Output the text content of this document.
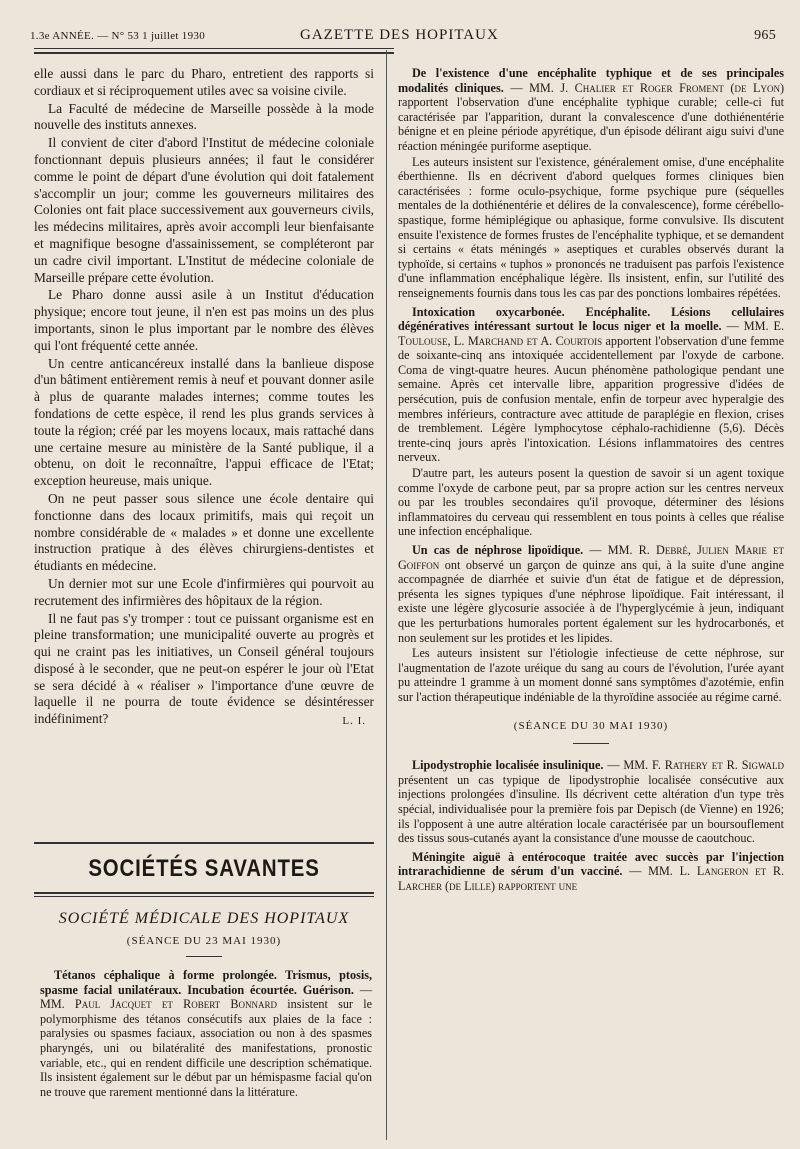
1.3e ANNÉE. — N° 53 1 juillet 1930	GAZETTE DES HOPITAUX	965

elle aussi dans le parc du Pharo, entretient des rapports si cordiaux et si réciproquement utiles avec sa voisine civile.

La Faculté de médecine de Marseille possède à la mode nouvelle des instituts annexes.

Il convient de citer d'abord l'Institut de médecine coloniale fonctionnant depuis plusieurs années; il faut le considérer comme le point de départ d'une évolution qui doit fatalement s'accomplir un jour; comme les gouverneurs militaires des Colonies ont fait place successivement aux gouverneurs civils, les médecins militaires, après avoir accompli leur bienfaisante et magnifique besogne d'assainissement, se compléteront par un cadre civil important. L'Institut de médecine coloniale de Marseille prépare cette évolution.

Le Pharo donne aussi asile à un Institut d'éducation physique; encore tout jeune, il n'en est pas moins un des plus importants, sinon le plus important par le nombre des élèves qui l'ont fréquenté cette année.

Un centre anticancéreux installé dans la banlieue dispose d'un bâtiment entièrement remis à neuf et pouvant donner asile à plus de quarante malades internes; comme toutes les fondations de cette espèce, il rend les plus grands services à toute la région; créé par les moyens locaux, mais rattaché dans une certaine mesure au ministère de la Santé publique, il a obtenu, on doit le reconnaître, l'appui efficace de l'Etat; exception heureuse, mais unique.

On ne peut passer sous silence une école dentaire qui fonctionne dans des locaux primitifs, mais qui reçoit un nombre considérable de « malades » et donne une excellente instruction pratique à des élèves chirurgiens-dentistes et étudiants en médecine.

Un dernier mot sur une Ecole d'infirmières qui pourvoit au recrutement des infirmières des hôpitaux de la région.

Il ne faut pas s'y tromper : tout ce puissant organisme est en pleine transformation; une municipalité ouverte au progrès et qui ne craint pas les initiatives, un Conseil général toujours disposé à le seconder, que ne peut-on espérer le jour où l'Etat se sera décidé à « réaliser » l'importance d'une œuvre de laquelle il ne pourra de toute évidence se désintéresser indéfiniment?	L. I.
SOCIÉTÉS SAVANTES
SOCIÉTÉ MÉDICALE DES HOPITAUX
(SÉANCE DU 23 MAI 1930)

Tétanos céphalique à forme prolongée. Trismus, ptosis, spasme facial unilatéraux. Incubation écourtée. Guérison. — MM. Paul Jacquet et Robert Bonnard insistent sur le polymorphisme des tétanos consécutifs aux plaies de la face : paralysies ou spasmes faciaux, association ou non à des spasmes pharyngés, uni ou bilatéralité des manifestations, pronostic variable, etc., qui en rendent difficile une description schématique. Ils insistent également sur le début par un hémispasme facial qu'on ne trouve que rarement mentionné dans la littérature.

De l'existence d'une encéphalite typhique et de ses principales modalités cliniques. — MM. J. Chalier et Roger Froment (de Lyon) rapportent l'observation d'une encéphalite typhique curable; celle-ci fut caractérisée par l'apparition, durant la convalescence d'une dothiénentérie bénigne et en pleine période apyrétique, d'un épisode délirant aigu suivi d'une réaction méningée puriforme aseptique.

Les auteurs insistent sur l'existence, généralement omise, d'une encéphalite éberthienne. Ils en décrivent d'abord quelques formes cliniques bien caractérisées : forme oculo-psychique, forme psychique pure (séquelles mentales de la dothiénentérie et délires de la convalescence), forme cérébello-spastique, forme hémiplégique ou aphasique, forme convulsive. Ils discutent ensuite l'existence de formes frustes de l'encéphalite typhique, et se demandent si certains « états méningés » aseptiques et curables observés durant la typhoïde, si certains « tuphos » prononcés ne traduisent pas parfois l'existence d'une inflammation encéphalique légère. Ils insistent, enfin, sur l'utilité des renseignements fournis dans tous les cas par des ponctions lombaires répétées.

Intoxication oxycarbonée. Encéphalite. Lésions cellulaires dégénératives intéressant surtout le locus niger et la moelle. — MM. E. Toulouse, L. Marchand et A. Courtois apportent l'observation d'une femme de soixante-cinq ans intoxiquée accidentellement par l'oxyde de carbone. Coma de vingt-quatre heures. Aucun phénomène pathologique pendant une semaine. Après cet intervalle libre, apparition progressive d'idées de persécution, puis de confusion mentale, enfin de torpeur avec hyperalgie des membres inférieurs, contracture avec attitude de paraplégie en flexion, crises de tremblement. Légère lymphocytose céphalo-rachidienne (5,6). Décès trente-cinq jours après l'intoxication. Lésions inflammatoires des centres nerveux.

D'autre part, les auteurs posent la question de savoir si un agent toxique comme l'oxyde de carbone peut, par sa propre action sur les centres nerveux ou par les troubles secondaires qu'il provoque, déterminer des lésions inflammatoires du cerveau qui ressemblent en tous points à celles que réalise une infection encéphalique.

Un cas de néphrose lipoïdique. — MM. R. Debré, Julien Marie et Goiffon ont observé un garçon de quinze ans qui, à la suite d'une angine accompagnée de diarrhée et suivie d'un état de fatigue et de dépression, présenta les signes typiques d'une néphrose lipoïdique. Fait intéressant, il existe une légère glycosurie associée à de l'hyperglycémie à jeun, indiquant que les perturbations humorales portent également sur les hydrocarbonés, et non seulement sur les protides et les lipides.

Les auteurs insistent sur l'étiologie infectieuse de cette néphrose, sur l'augmentation de l'azote uréique du sang au cours de l'évolution, l'urée ayant pu atteindre 1 gramme à un moment donné sans symptômes d'azotémie, enfin sur l'action thérapeutique indéniable de la thyroïdine associée au régime carné.

(SÉANCE DU 30 MAI 1930)

Lipodystrophie localisée insulinique. — MM. F. Rathery et R. Sigwald présentent un cas typique de lipodystrophie localisée consécutive aux injections prolongées d'insuline. Ils décrivent cette altération d'un type très spécial, individualisée pour la première fois par Depisch (de Vienne) en 1926; ils l'opposent à une autre altération locale caractérisée par un boursouflement des tissus sous-cutanés ayant la consistance d'une mousse de caoutchouc.

Méningite aiguë à entérocoque traitée avec succès par l'injection intrarachidienne de sérum d'un vacciné. — MM. L. Langeron et R. Larcher (de Lille) rapportent une
